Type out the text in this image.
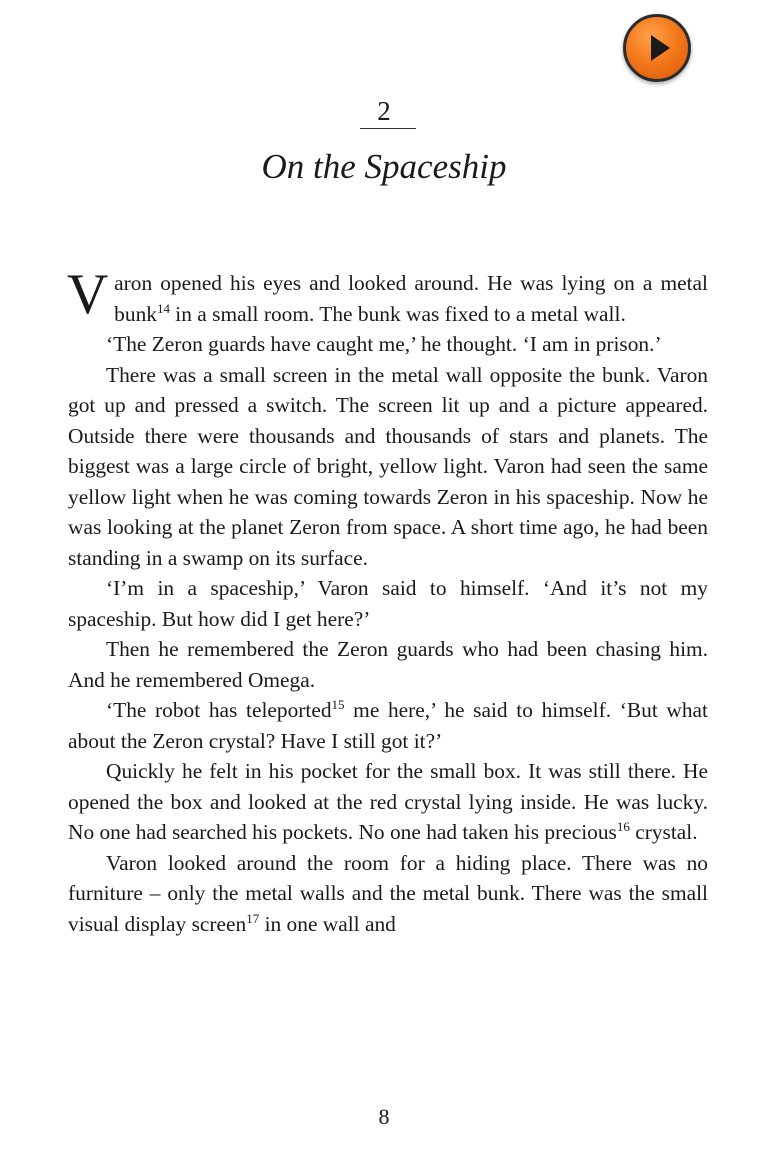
2
On the Spaceship

Varon opened his eyes and looked around. He was lying on a metal bunk$^{14}$ in a small room. The bunk was fixed to a metal wall.

‘The Zeron guards have caught me,’ he thought. ‘I am in prison.’

There was a small screen in the metal wall opposite the bunk. Varon got up and pressed a switch. The screen lit up and a picture appeared. Outside there were thousands and thousands of stars and planets. The biggest was a large circle of bright, yellow light. Varon had seen the same yellow light when he was coming towards Zeron in his spaceship. Now he was looking at the planet Zeron from space. A short time ago, he had been standing in a swamp on its surface.

‘I’m in a spaceship,’ Varon said to himself. ‘And it’s not my spaceship. But how did I get here?’

Then he remembered the Zeron guards who had been chasing him. And he remembered Omega.

‘The robot has teleported$^{15}$ me here,’ he said to himself. ‘But what about the Zeron crystal? Have I still got it?’

Quickly he felt in his pocket for the small box. It was still there. He opened the box and looked at the red crystal lying inside. He was lucky. No one had searched his pockets. No one had taken his precious$^{16}$ crystal.

Varon looked around the room for a hiding place. There was no furniture – only the metal walls and the metal bunk. There was the small visual display screen$^{17}$ in one wall and

8
